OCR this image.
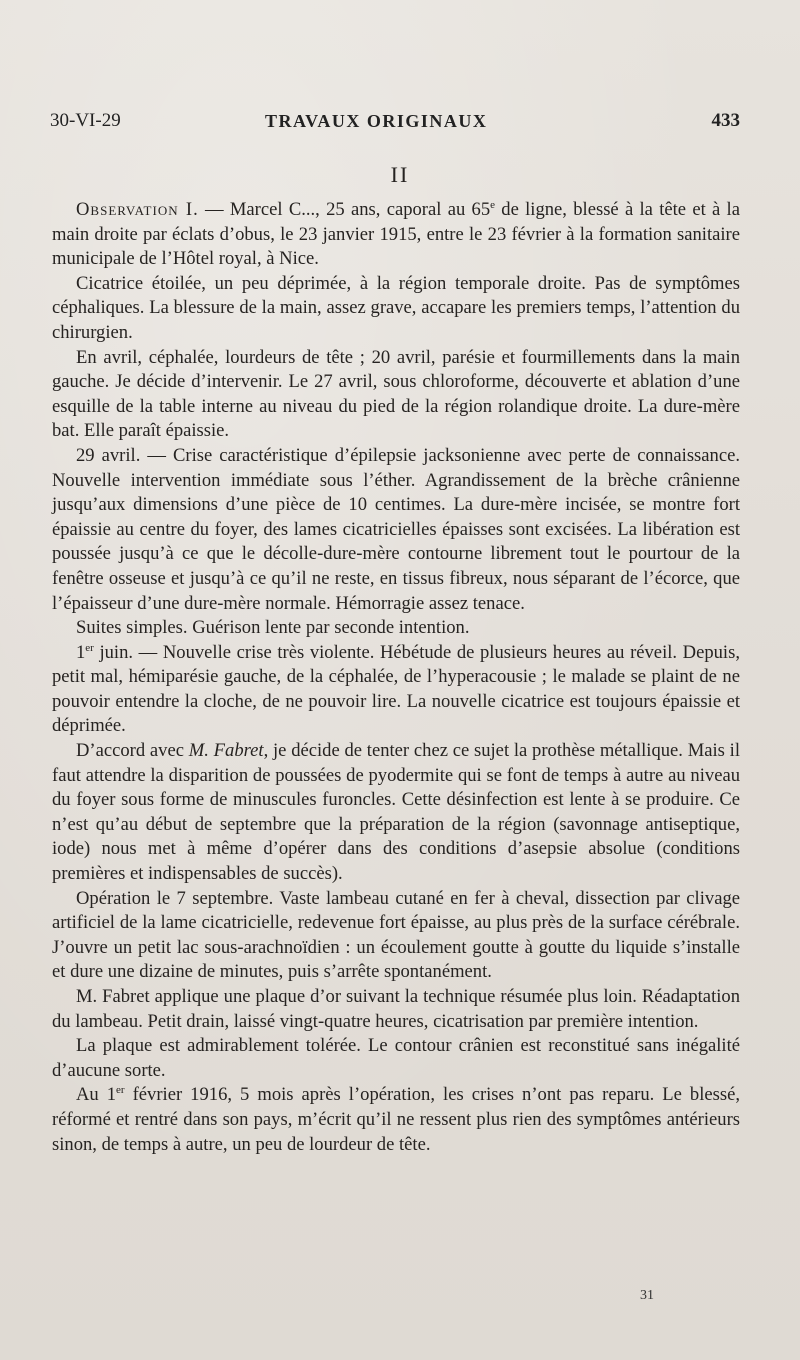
30-VI-29	TRAVAUX ORIGINAUX	433
II

Observation I. — Marcel C..., 25 ans, caporal au 65e de ligne, blessé à la tête et à la main droite par éclats d’obus, le 23 janvier 1915, entre le 23 février à la formation sanitaire municipale de l’Hôtel royal, à Nice.

Cicatrice étoilée, un peu déprimée, à la région temporale droite. Pas de symptômes céphaliques. La blessure de la main, assez grave, accapare les premiers temps, l’attention du chirurgien.

En avril, céphalée, lourdeurs de tête ; 20 avril, parésie et fourmillements dans la main gauche. Je décide d’intervenir. Le 27 avril, sous chloroforme, découverte et ablation d’une esquille de la table interne au niveau du pied de la région rolandique droite. La dure-mère bat. Elle paraît épaissie.

29 avril. — Crise caractéristique d’épilepsie jacksonienne avec perte de connaissance. Nouvelle intervention immédiate sous l’éther. Agrandissement de la brèche crânienne jusqu’aux dimensions d’une pièce de 10 centimes. La dure-mère incisée, se montre fort épaissie au centre du foyer, des lames cicatricielles épaisses sont excisées. La libération est poussée jusqu’à ce que le décolle-dure-mère contourne librement tout le pourtour de la fenêtre osseuse et jusqu’à ce qu’il ne reste, en tissus fibreux, nous séparant de l’écorce, que l’épaisseur d’une dure-mère normale. Hémorragie assez tenace.

Suites simples. Guérison lente par seconde intention.

1er juin. — Nouvelle crise très violente. Hébétude de plusieurs heures au réveil. Depuis, petit mal, hémiparésie gauche, de la céphalée, de l’hyperacousie ; le malade se plaint de ne pouvoir entendre la cloche, de ne pouvoir lire. La nouvelle cicatrice est toujours épaissie et déprimée.

D’accord avec M. Fabret, je décide de tenter chez ce sujet la prothèse métallique. Mais il faut attendre la disparition de poussées de pyodermite qui se font de temps à autre au niveau du foyer sous forme de minuscules furoncles. Cette désinfection est lente à se produire. Ce n’est qu’au début de septembre que la préparation de la région (savonnage antiseptique, iode) nous met à même d’opérer dans des conditions d’asepsie absolue (conditions premières et indispensables de succès).

Opération le 7 septembre. Vaste lambeau cutané en fer à cheval, dissection par clivage artificiel de la lame cicatricielle, redevenue fort épaisse, au plus près de la surface cérébrale. J’ouvre un petit lac sous-arachnoïdien : un écoulement goutte à goutte du liquide s’installe et dure une dizaine de minutes, puis s’arrête spontanément.

M. Fabret applique une plaque d’or suivant la technique résumée plus loin. Réadaptation du lambeau. Petit drain, laissé vingt-quatre heures, cicatrisation par première intention.

La plaque est admirablement tolérée. Le contour crânien est reconstitué sans inégalité d’aucune sorte.

Au 1er février 1916, 5 mois après l’opération, les crises n’ont pas reparu. Le blessé, réformé et rentré dans son pays, m’écrit qu’il ne ressent plus rien des symptômes antérieurs sinon, de temps à autre, un peu de lourdeur de tête.

31
